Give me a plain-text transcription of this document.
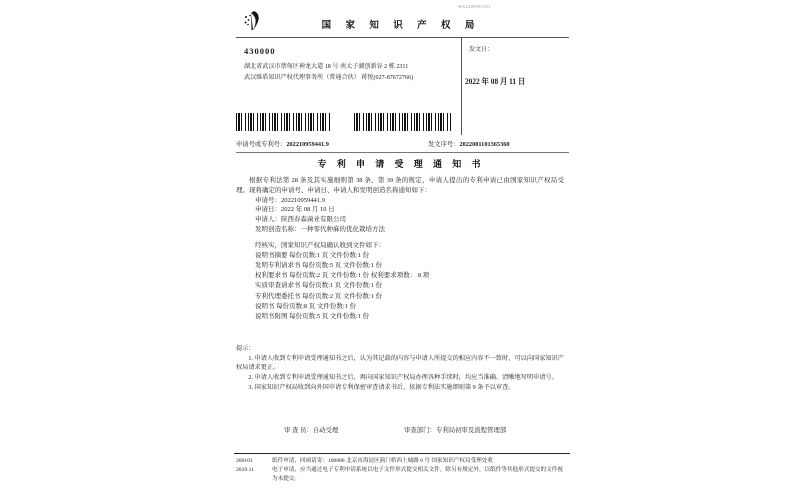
WX2209050101
国 家 知 识 产 权 局
发文日：
2022 年 08 月 11 日
430000
湖北省武汉市蔡甸区神龙大道 18 号 南太子湖创新谷 2 栋 2311
武汉维盾知识产权代理事务所（普通合伙） 蒋悦(027-87672766)
申请号或专利号：202210959441.9	发文序号：2022081101365360
专 利 申 请 受 理 通 知 书

根据专利法第 28 条及其实施细则第 38 条、第 39 条的规定，申请人提出的专利申请已由国家知识产权局受理。现将确定的申请号、申请日、申请人和发明创造名称通知如下：

申请号：202210959441.9

申请日：2022 年 08 月 10 日

申请人：陕西春森菌业有限公司

发明创造名称：一种零代种麻的优化栽培方法

经核实，国家知识产权局确认收到文件如下：

说明书摘要 每份页数:1 页 文件份数:1 份

发明专利请求书 每份页数:5 页 文件份数:1 份

权利要求书 每份页数:2 页 文件份数:1 份 权利要求项数： 8 项

实质审查请求书 每份页数:1 页 文件份数:1 份

专利代理委托书 每份页数:2 页 文件份数:1 份

说明书 每份页数:8 页 文件份数:1 份

说明书附图 每份页数:5 页 文件份数:1 份

提示：

1. 申请人收到专利申请受理通知书之后，认为其记载的内容与申请人所提交的相应内容不一致时，可以向国家知识产权局请求更正。

2. 申请人收到专利申请受理通知书之后，再向国家知识产权局办理各种手续时，均应当准确、清晰地写明申请号。

3. 国家知识产权局收到向外国申请专利保密审查请求书后，依据专利法实施细则第 9 条予以审查。

审 查 员：自动受理	审查部门：专利局初审及流程管理部
200101	纸件申请，回函请寄：100088 北京市海淀区蓟门桥西土城路 6 号 国家知识产权局受理处收
2019.11	电子申请，应当通过电子专利申请系统以电子文件形式提交相关文件。除另有规定外，以纸件等其他形式提交的文件视为未提交。
